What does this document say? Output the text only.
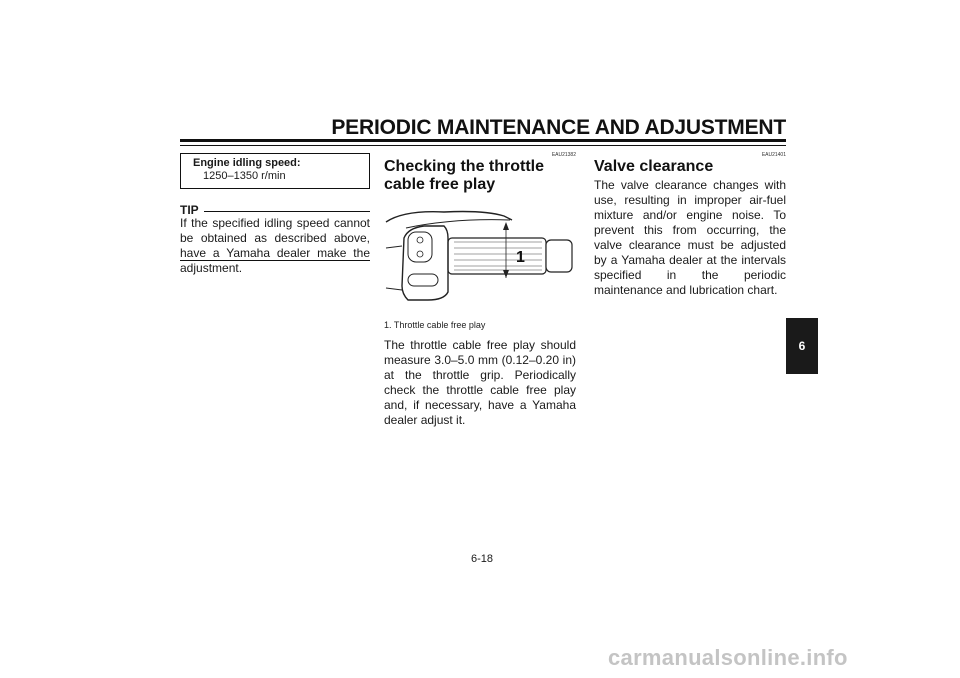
PERIODIC MAINTENANCE AND ADJUSTMENT
Engine idling speed:
1250–1350 r/min
TIP
If the specified idling speed cannot be obtained as described above, have a Yamaha dealer make the adjustment.
EAU21382
Checking the throttle cable free play
1
1. Throttle cable free play
The throttle cable free play should measure 3.0–5.0 mm (0.12–0.20 in) at the throttle grip. Periodically check the throttle cable free play and, if necessary, have a Yamaha dealer adjust it.
EAU21401
Valve clearance
The valve clearance changes with use, resulting in improper air-fuel mixture and/or engine noise. To prevent this from occurring, the valve clearance must be adjusted by a Yamaha dealer at the intervals specified in the periodic maintenance and lubrication chart.
6
6-18
carmanualsonline.info
